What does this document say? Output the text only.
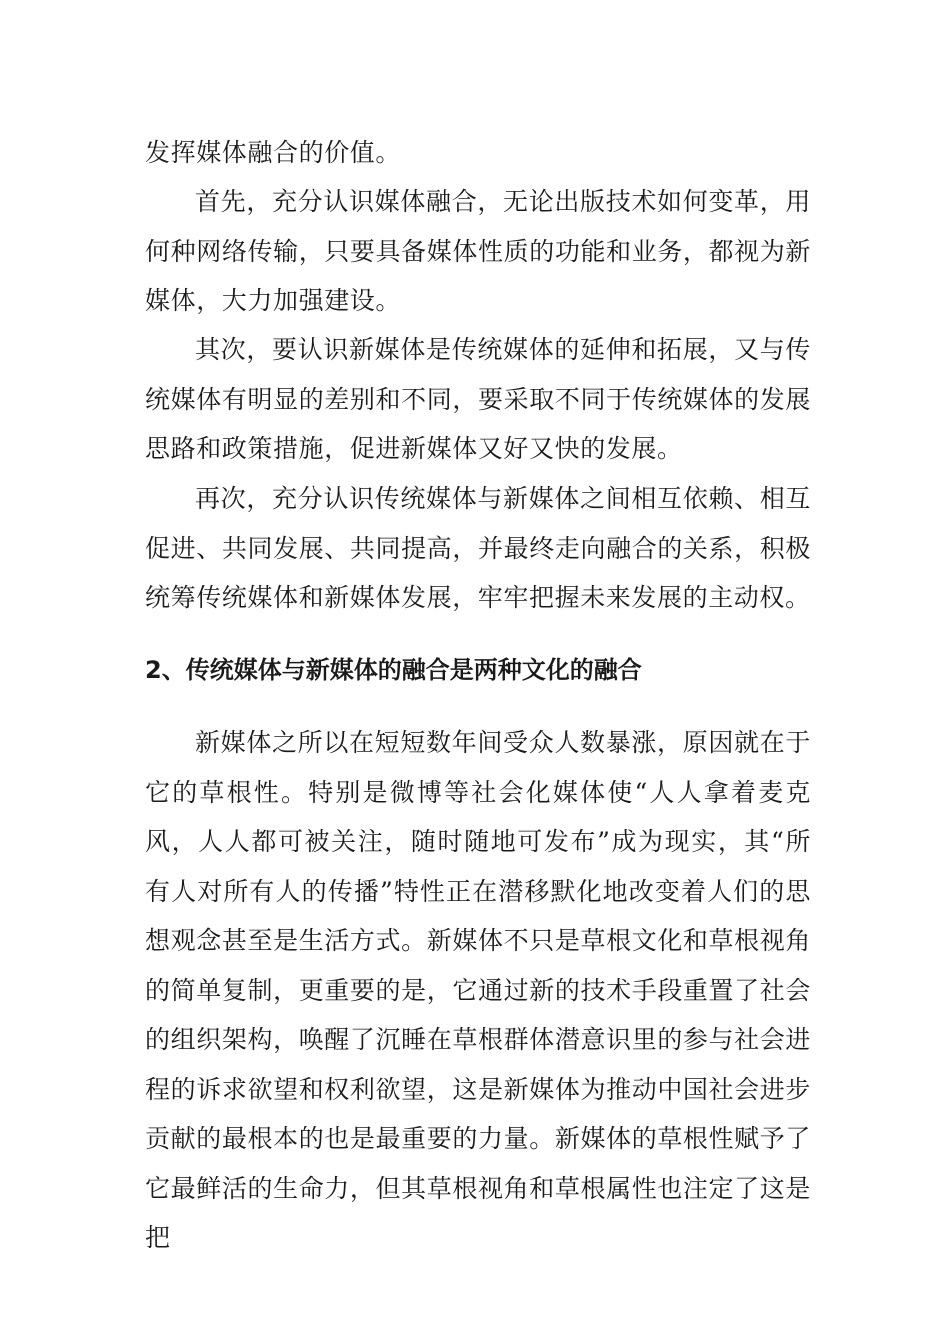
发挥媒体融合的价值。

首先，充分认识媒体融合，无论出版技术如何变革，用何种网络传输，只要具备媒体性质的功能和业务，都视为新媒体，大力加强建设。

其次，要认识新媒体是传统媒体的延伸和拓展，又与传统媒体有明显的差别和不同，要采取不同于传统媒体的发展思路和政策措施，促进新媒体又好又快的发展。

再次，充分认识传统媒体与新媒体之间相互依赖、相互促进、共同发展、共同提高，并最终走向融合的关系，积极统筹传统媒体和新媒体发展，牢牢把握未来发展的主动权。

2、传统媒体与新媒体的融合是两种文化的融合

新媒体之所以在短短数年间受众人数暴涨，原因就在于它的草根性。特别是微博等社会化媒体使“人人拿着麦克风，人人都可被关注，随时随地可发布”成为现实，其“所有人对所有人的传播”特性正在潜移默化地改变着人们的思想观念甚至是生活方式。新媒体不只是草根文化和草根视角的简单复制，更重要的是，它通过新的技术手段重置了社会的组织架构，唤醒了沉睡在草根群体潜意识里的参与社会进程的诉求欲望和权利欲望，这是新媒体为推动中国社会进步贡献的最根本的也是最重要的力量。新媒体的草根性赋予了它最鲜活的生命力，但其草根视角和草根属性也注定了这是把
